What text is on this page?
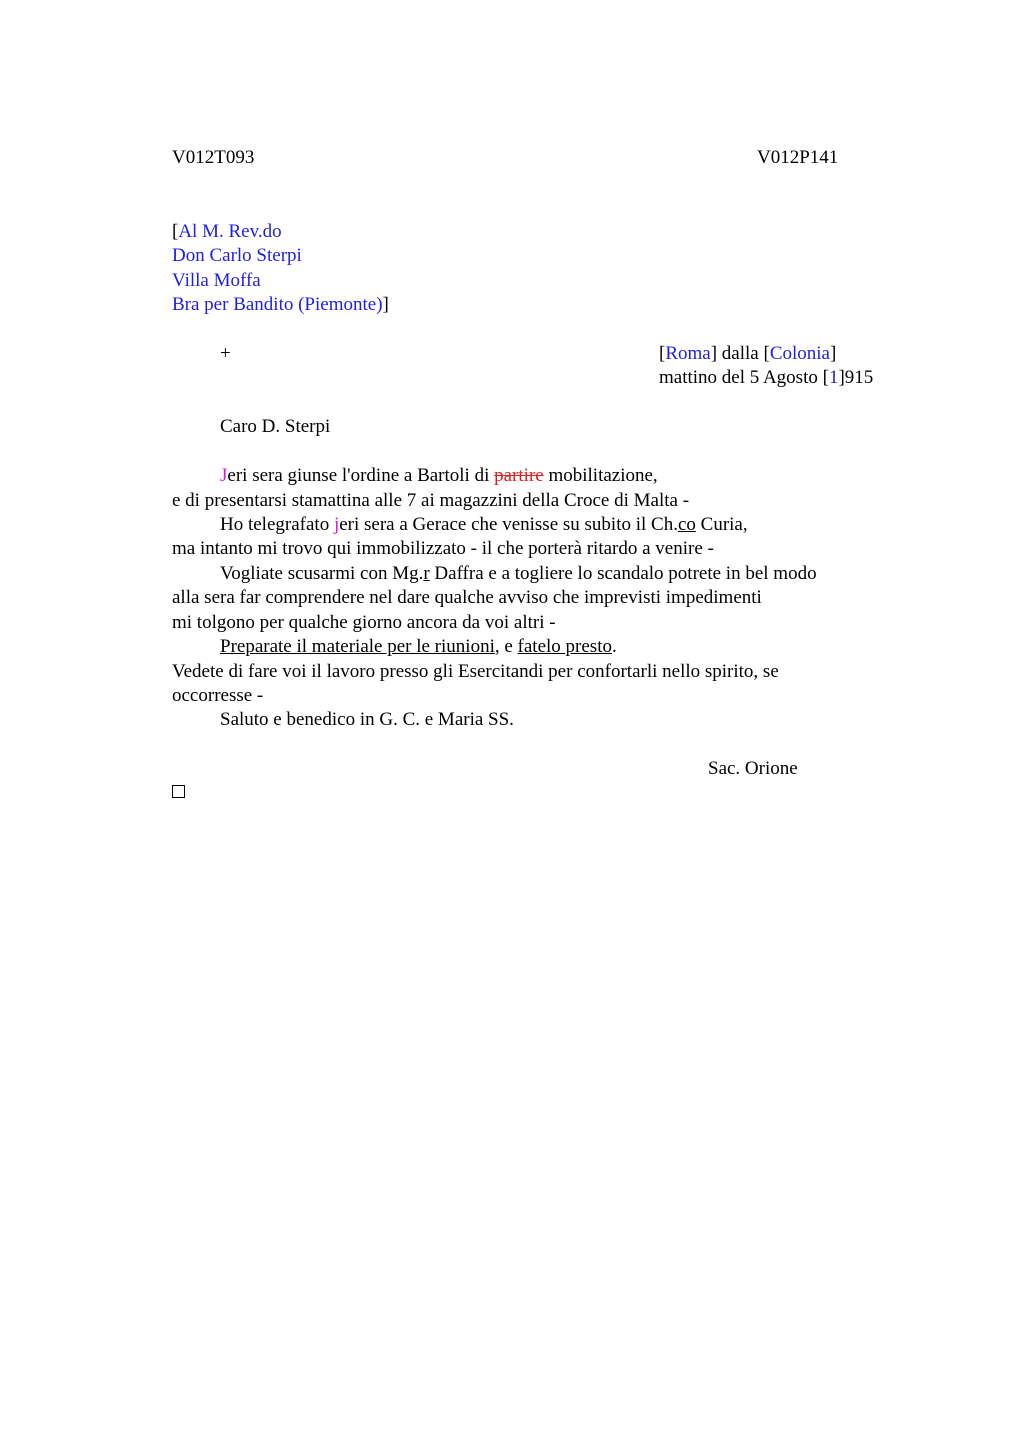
V012T093	V012P141
[Al M. Rev.do
Don Carlo Sterpi
Villa Moffa
Bra per Bandito (Piemonte)]
+	[Roma] dalla [Colonia]
mattino del 5 Agosto [1]915
Caro D. Sterpi
Jeri sera giunse l'ordine a Bartoli di partire mobilitazione,
e di presentarsi stamattina alle 7 ai magazzini della Croce di Malta -
Ho telegrafato jeri sera a Gerace che venisse su subito il Ch.co Curia,
ma intanto mi trovo qui immobilizzato - il che porterà ritardo a venire -
Vogliate scusarmi con Mg.r Daffra e a togliere lo scandalo potrete in bel modo
alla sera far comprendere nel dare qualche avviso che imprevisti impedimenti
mi tolgono per qualche giorno ancora da voi altri -
Preparate il materiale per le riunioni, e fatelo presto.
Vedete di fare voi il lavoro presso gli Esercitandi per confortarli nello spirito, se
occorresse -
Saluto e benedico in G. C. e Maria SS.
Sac. Orione
